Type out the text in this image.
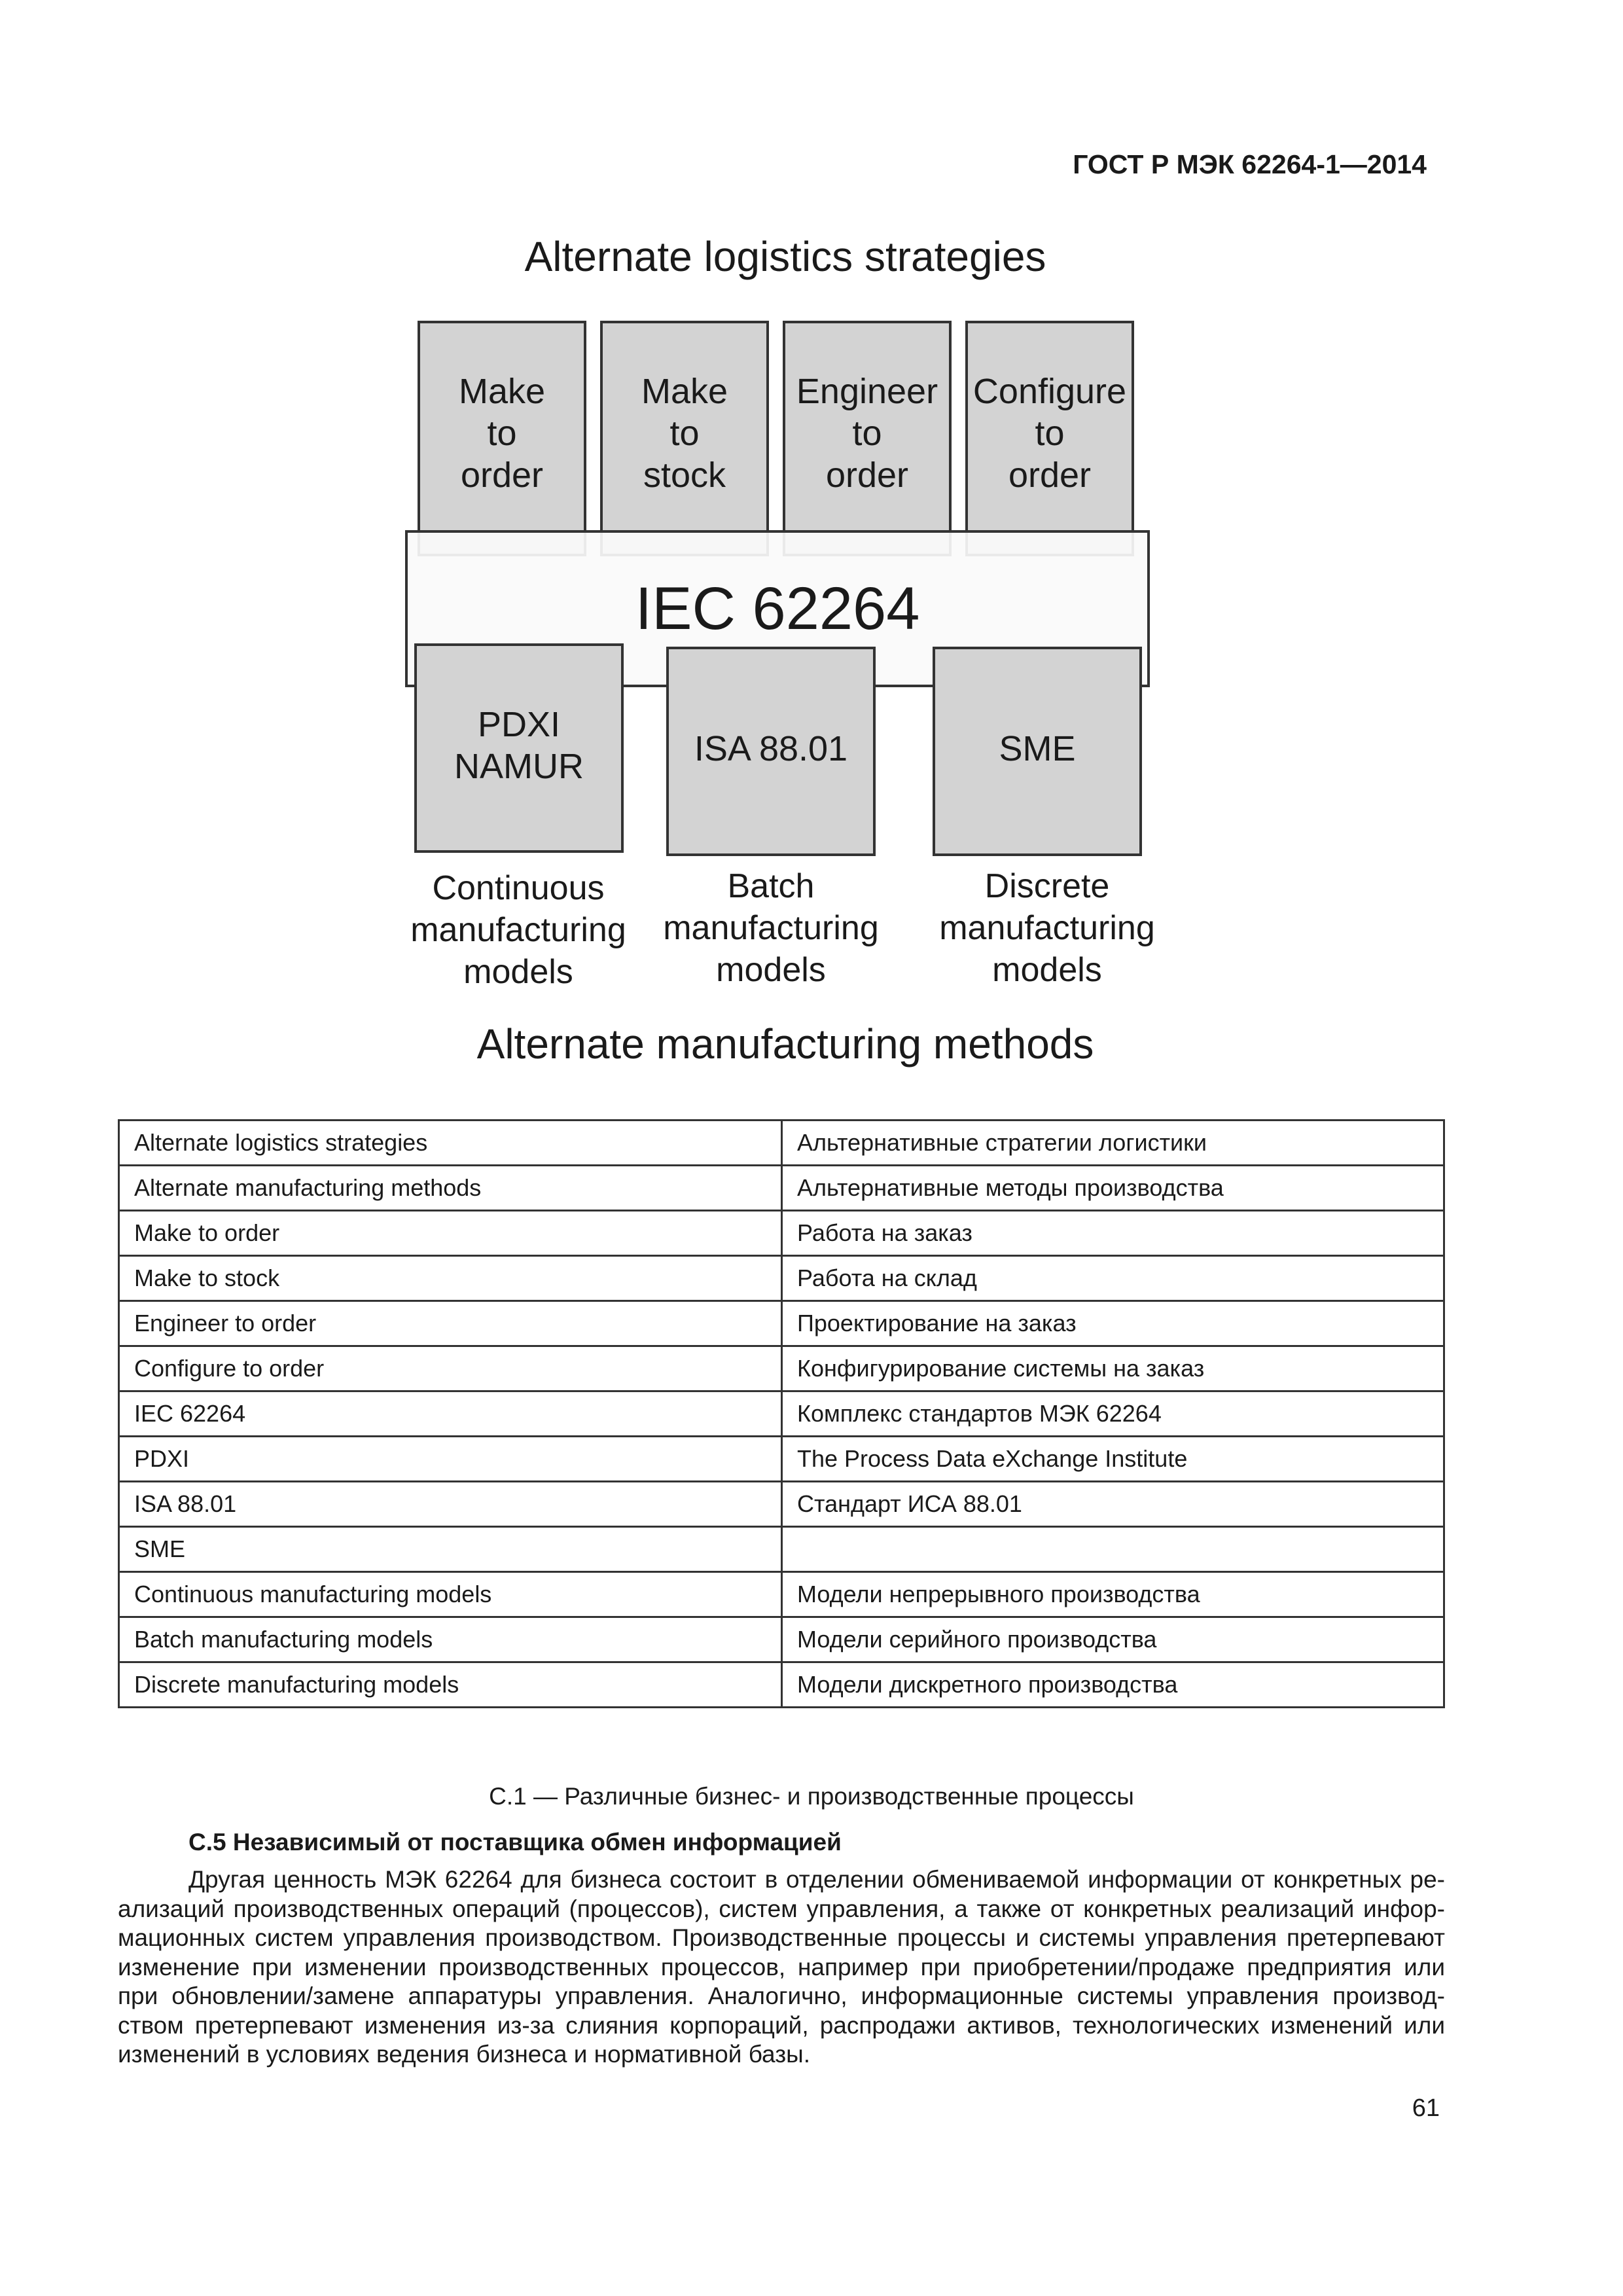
ГОСТ Р МЭК 62264-1—2014
Alternate logistics strategies
Make
to
order
Make
to
stock
Engineer
to
order
Configure
to
order
IEC 62264
PDXI
NAMUR	ISA 88.01	SME
Continuous
manufacturing
models
Batch
manufacturing
models
Discrete
manufacturing
models
Alternate manufacturing methods
Alternate logistics strategies	Альтернативные стратегии логистики
Alternate manufacturing methods	Альтернативные методы производства
Make to order	Работа на заказ
Make to stock	Работа на склад
Engineer to order	Проектирование на заказ
Configure to order	Конфигурирование системы на заказ
IEC 62264	Комплекс стандартов МЭК 62264
PDXI	The Process Data eXchange Institute
ISA 88.01	Стандарт ИСА 88.01
SME	
Continuous manufacturing models	Модели непрерывного производства
Batch manufacturing models	Модели серийного производства
Discrete manufacturing models	Модели дискретного производства
С.1 — Различные бизнес- и производственные процессы
С.5 Независимый от поставщика обмен информацией
Другая ценность МЭК 62264 для бизнеса состоит в отделении обмениваемой информации от конкретных ре-
ализаций производственных операций (процессов), систем управления, а также от конкретных реализаций инфор-
мационных систем управления производством. Производственные процессы и системы управления претерпевают
изменение при изменении производственных процессов, например при приобретении/продаже предприятия или
при обновлении/замене аппаратуры управления. Аналогично, информационные системы управления производ-
ством претерпевают изменения из-за слияния корпораций, распродажи активов, технологических изменений или
изменений в условиях ведения бизнеса и нормативной базы.
61
